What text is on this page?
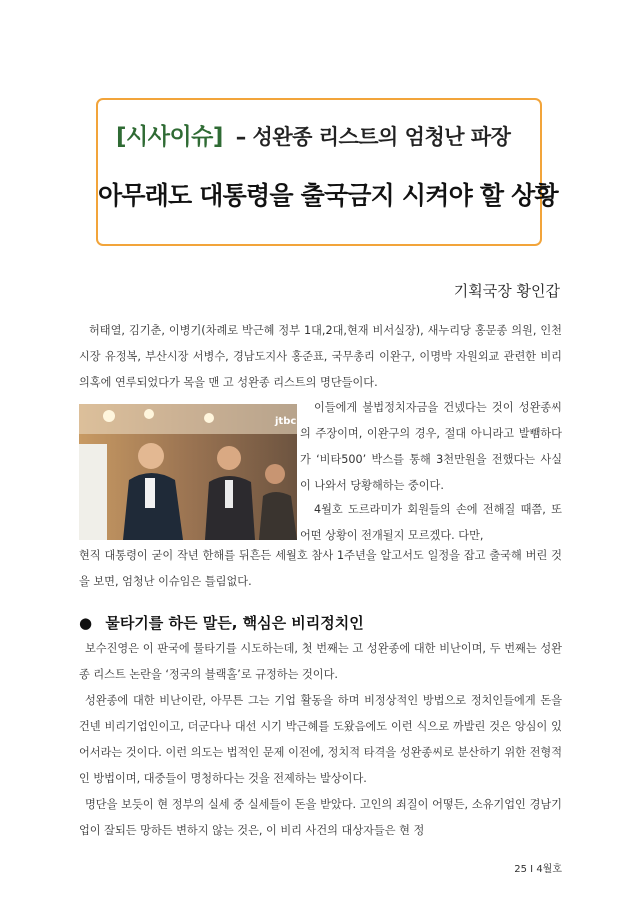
[시사이슈] – 성완종 리스트의 엄청난 파장
아무래도 대통령을 출국금지 시켜야 할 상황
기획국장 황인갑

허태열, 김기춘, 이병기(차례로 박근혜 정부 1대,2대,현재 비서실장), 새누리당 홍문종 의원, 인천시장 유정복, 부산시장 서병수, 경남도지사 홍준표, 국무총리 이완구, 이명박 자원외교 관련한 비리 의혹에 연루되었다가 목을 맨 고 성완종 리스트의 명단들이다.

jtbc

이들에게 불법정치자금을 건넸다는 것이 성완종씨의 주장이며, 이완구의 경우, 절대 아니라고 발뺌하다가 ‘비타500’ 박스를 통해 3천만원을 전했다는 사실이 나와서 당황해하는 중이다.

4월호 도르라미가 회원들의 손에 전해질 때쯤, 또 어떤 상황이 전개될지 모르겠다. 다만,

현직 대통령이 굳이 작년 한해를 뒤흔든 세월호 참사 1주년을 알고서도 일정을 잡고 출국해 버린 것을 보면, 엄청난 이슈임은 틀림없다.

● 물타기를 하든 말든, 핵심은 비리정치인

보수진영은 이 판국에 물타기를 시도하는데, 첫 번째는 고 성완종에 대한 비난이며, 두 번째는 성완종 리스트 논란을 ‘정국의 블랙홀’로 규정하는 것이다.

성완종에 대한 비난이란, 아무튼 그는 기업 활동을 하며 비정상적인 방법으로 정치인들에게 돈을 건넨 비리기업인이고, 더군다나 대선 시기 박근혜를 도왔음에도 이런 식으로 까발린 것은 앙심이 있어서라는 것이다. 이런 의도는 법적인 문제 이전에, 정치적 타격을 성완종씨로 분산하기 위한 전형적인 방법이며, 대중들이 명청하다는 것을 전제하는 발상이다.

명단을 보듯이 현 정부의 실세 중 실세들이 돈을 받았다. 고인의 죄질이 어떻든, 소유기업인 경남기업이 잘되든 망하든 변하지 않는 것은, 이 비리 사건의 대상자들은 현 정

25 I 4월호
